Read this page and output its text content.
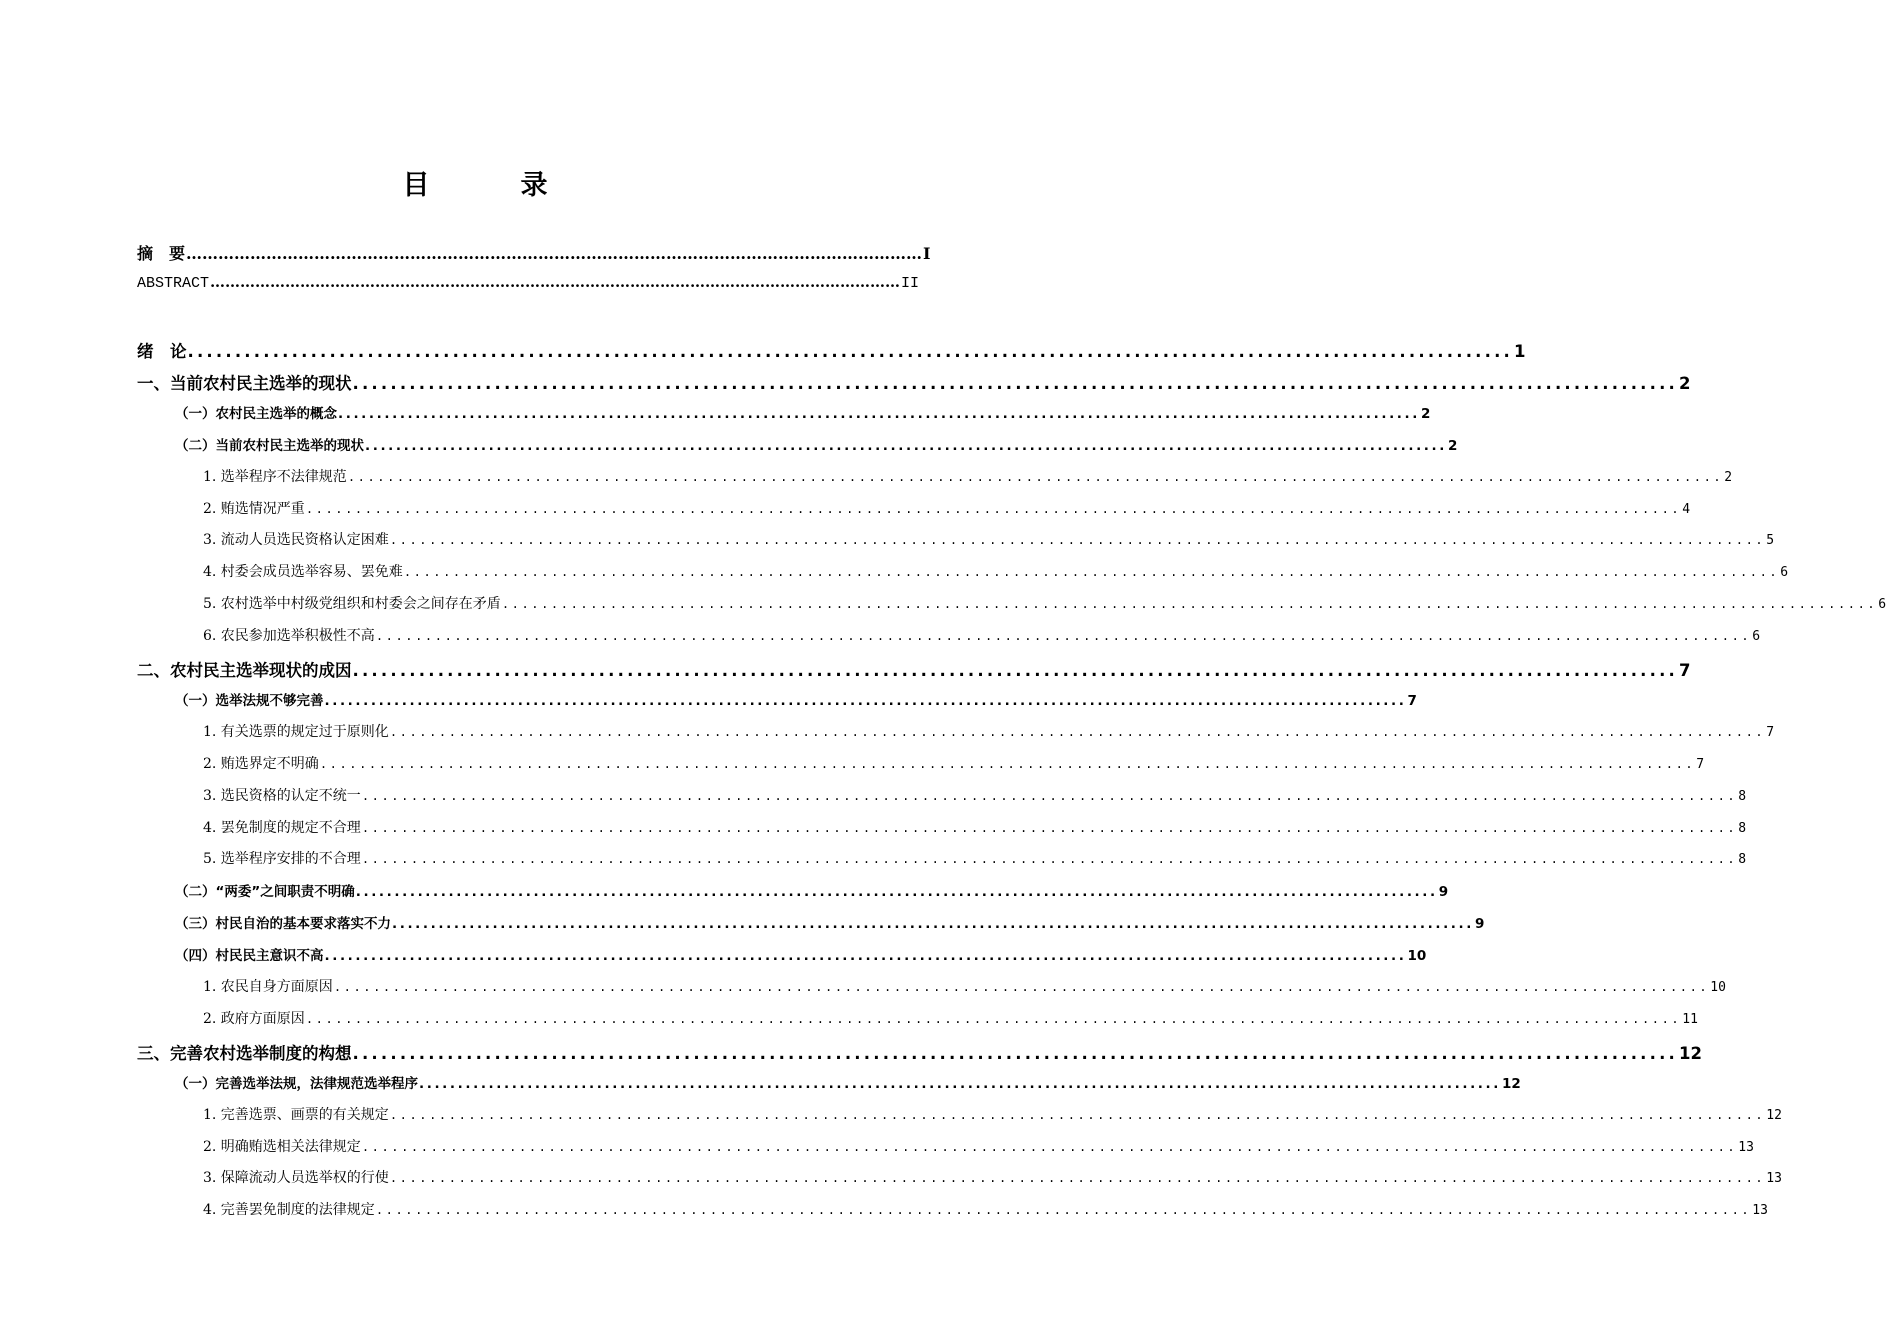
目　录
摘　要 ………………………………………………………………………………………………………………………… I
ABSTRACT ………………………………………………………………………………………………………………………… II
绪　论 ............................................................................................................................................ 1
一、当前农村民主选举的现状 ............................................................................................................................................ 2
（一）农村民主选举的概念 ............................................................................................................................................ 2
（二）当前农村民主选举的现状 ............................................................................................................................................ 2
1. 选举程序不法律规范 ............................................................................................................................................ 2
2. 贿选情况严重 ............................................................................................................................................ 4
3. 流动人员选民资格认定困难 ............................................................................................................................................ 5
4. 村委会成员选举容易、罢免难 ............................................................................................................................................ 6
5. 农村选举中村级党组织和村委会之间存在矛盾 ............................................................................................................................................ 6
6. 农民参加选举积极性不高 ............................................................................................................................................ 6
二、农村民主选举现状的成因 ............................................................................................................................................ 7
（一）选举法规不够完善 ............................................................................................................................................ 7
1. 有关选票的规定过于原则化 ............................................................................................................................................ 7
2. 贿选界定不明确 ............................................................................................................................................ 7
3. 选民资格的认定不统一 ............................................................................................................................................ 8
4. 罢免制度的规定不合理 ............................................................................................................................................ 8
5. 选举程序安排的不合理 ............................................................................................................................................ 8
（二）“两委”之间职责不明确 ............................................................................................................................................ 9
（三）村民自治的基本要求落实不力 ............................................................................................................................................ 9
（四）村民民主意识不高 ............................................................................................................................................ 10
1. 农民自身方面原因 ............................................................................................................................................ 10
2. 政府方面原因 ............................................................................................................................................ 11
三、完善农村选举制度的构想 ............................................................................................................................................ 12
（一）完善选举法规，法律规范选举程序 ............................................................................................................................................ 12
1. 完善选票、画票的有关规定 ............................................................................................................................................ 12
2. 明确贿选相关法律规定 ............................................................................................................................................ 13
3. 保障流动人员选举权的行使 ............................................................................................................................................ 13
4. 完善罢免制度的法律规定 ............................................................................................................................................ 13
